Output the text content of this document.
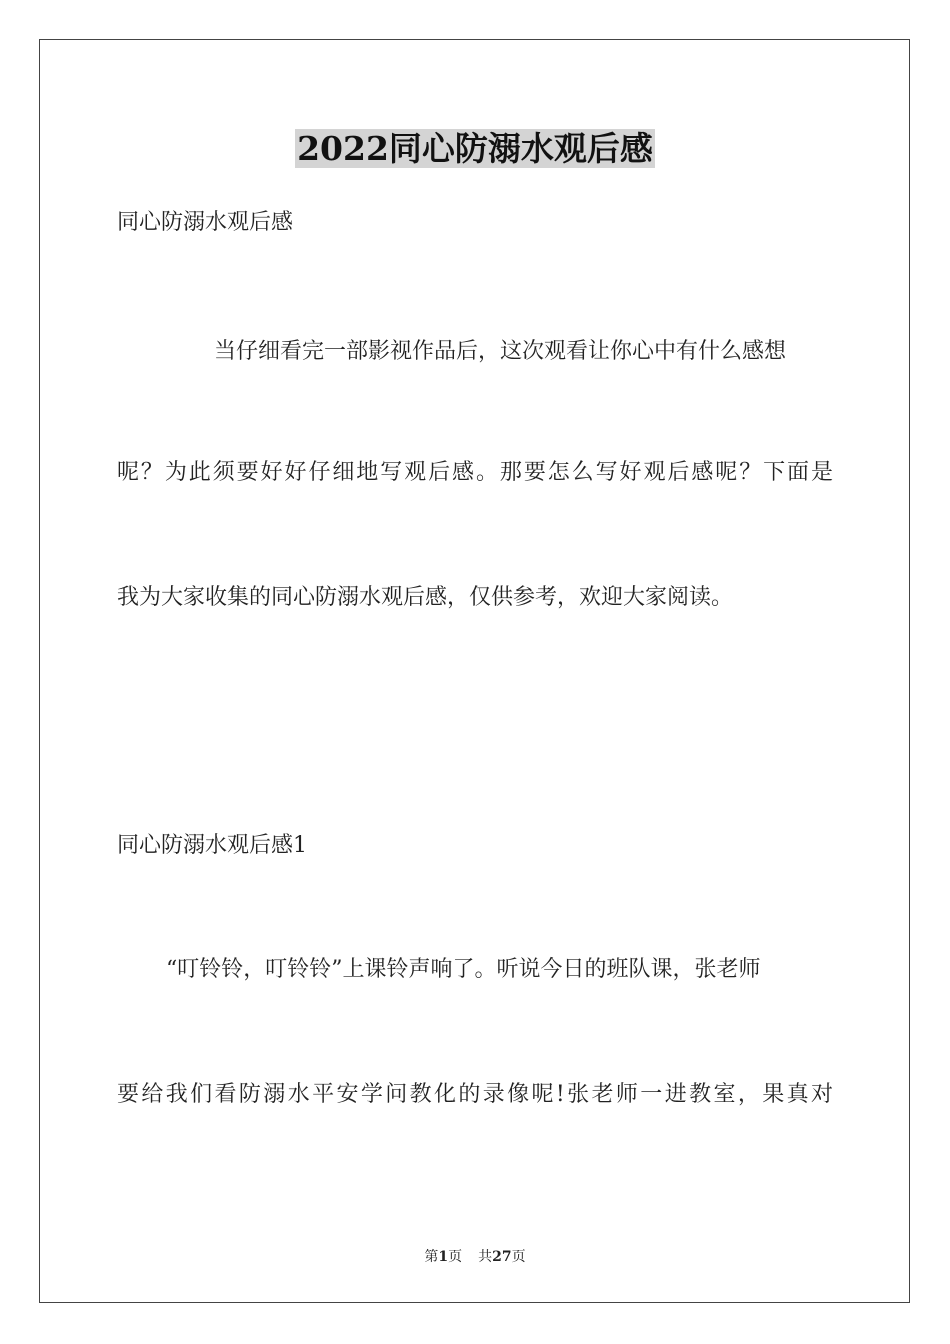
2022同心防溺水观后感
同心防溺水观后感
当仔细看完一部影视作品后，这次观看让你心中有什么感想
呢？为此须要好好仔细地写观后感。那要怎么写好观后感呢？下面是
我为大家收集的同心防溺水观后感，仅供参考，欢迎大家阅读。
同心防溺水观后感1
“叮铃铃，叮铃铃”上课铃声响了。听说今日的班队课，张老师
要给我们看防溺水平安学问教化的录像呢!张老师一进教室，果真对
第1页 共27页
